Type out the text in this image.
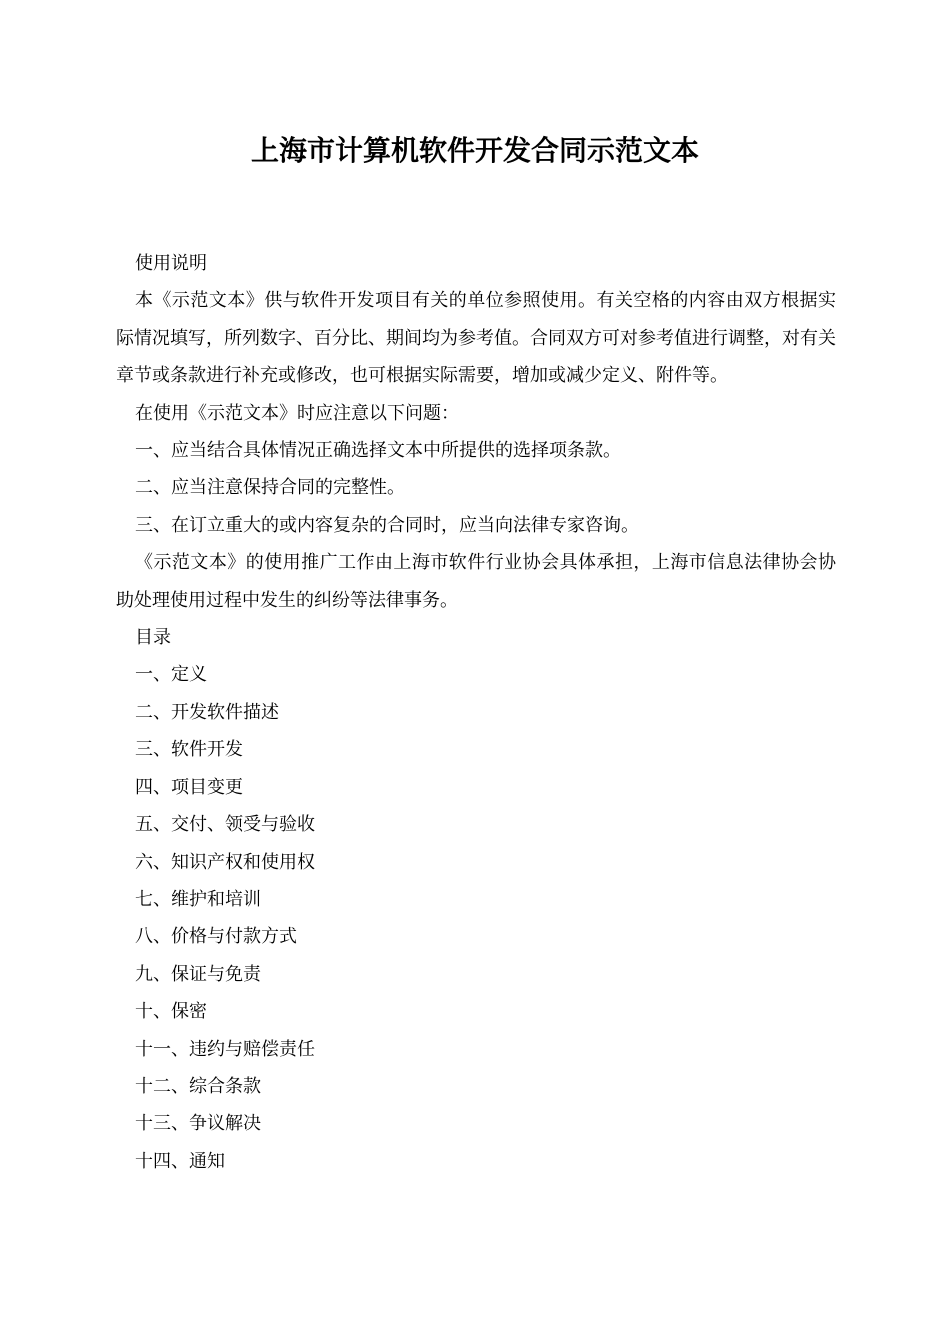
上海市计算机软件开发合同示范文本

使用说明

本《示范文本》供与软件开发项目有关的单位参照使用。有关空格的内容由双方根据实际情况填写，所列数字、百分比、期间均为参考值。合同双方可对参考值进行调整，对有关章节或条款进行补充或修改，也可根据实际需要，增加或减少定义、附件等。

在使用《示范文本》时应注意以下问题：

一、应当结合具体情况正确选择文本中所提供的选择项条款。

二、应当注意保持合同的完整性。

三、在订立重大的或内容复杂的合同时，应当向法律专家咨询。

《示范文本》的使用推广工作由上海市软件行业协会具体承担，上海市信息法律协会协助处理使用过程中发生的纠纷等法律事务。

目录

一、定义

二、开发软件描述

三、软件开发

四、项目变更

五、交付、领受与验收

六、知识产权和使用权

七、维护和培训

八、价格与付款方式

九、保证与免责

十、保密

十一、违约与赔偿责任

十二、综合条款

十三、争议解决

十四、通知
